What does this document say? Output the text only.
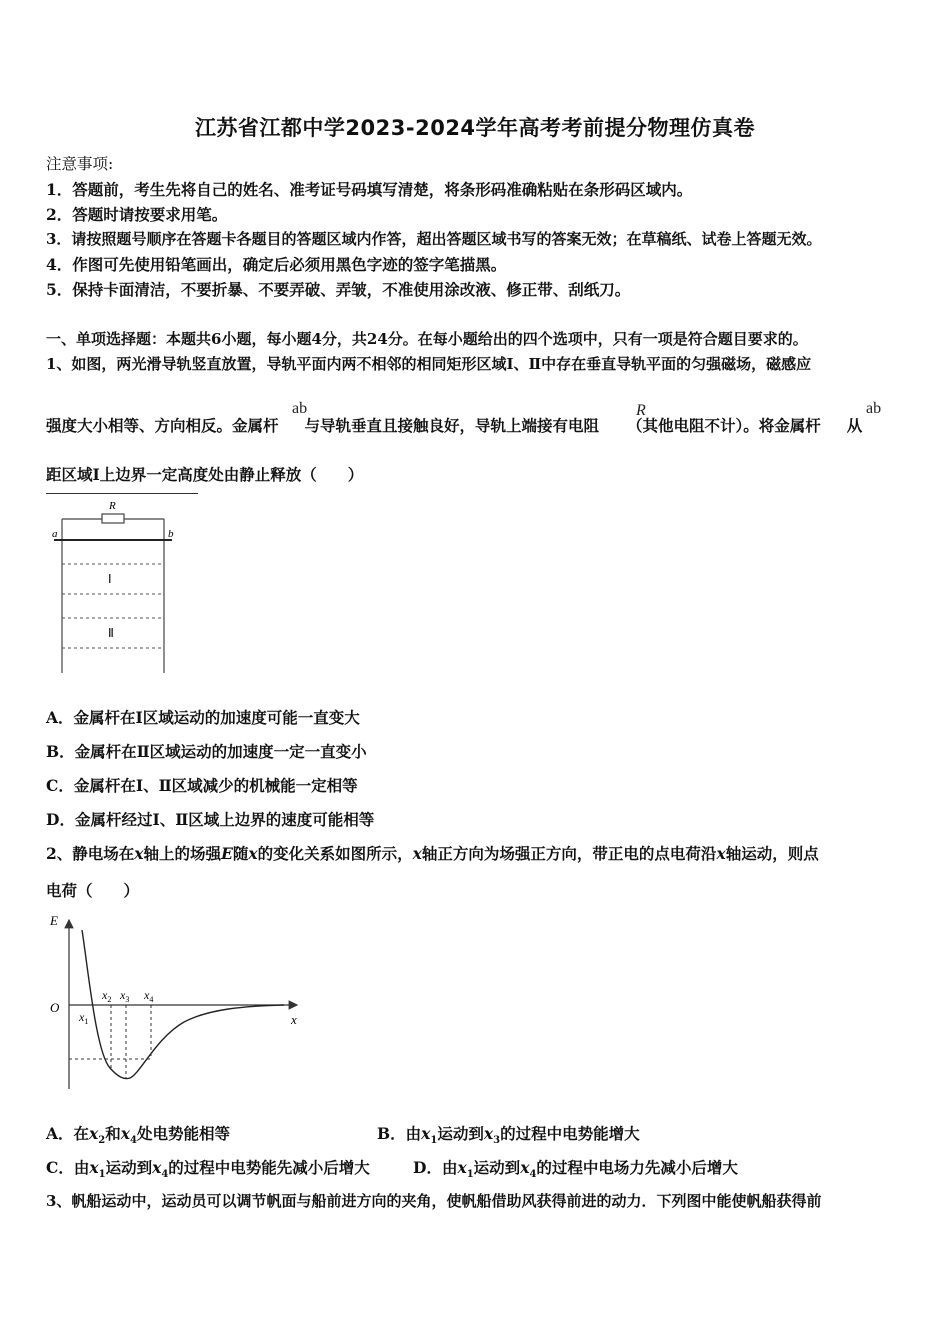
江苏省江都中学2023-2024学年高考考前提分物理仿真卷
注意事项:
1．答题前，考生先将自己的姓名、准考证号码填写清楚，将条形码准确粘贴在条形码区域内。
2．答题时请按要求用笔。
3．请按照题号顺序在答题卡各题目的答题区域内作答，超出答题区域书写的答案无效；在草稿纸、试卷上答题无效。
4．作图可先使用铅笔画出，确定后必须用黑色字迹的签字笔描黑。
5．保持卡面清洁，不要折暴、不要弄破、弄皱，不准使用涂改液、修正带、刮纸刀。
一、单项选择题：本题共6小题，每小题4分，共24分。在每小题给出的四个选项中，只有一项是符合题目要求的。
1、如图，两光滑导轨竖直放置，导轨平面内两不相邻的相同矩形区域Ⅰ、Ⅱ中存在垂直导轨平面的匀强磁场，磁感应
强度大小相等、方向相反。金属杆 与导轨垂直且接触良好，导轨上端接有电阻 （其他电阻不计）。将金属杆 从
ab	R	ab
距区域Ⅰ上边界一定高度处由静止释放（　　）
R
a	b
Ⅰ
Ⅱ
A．金属杆在Ⅰ区域运动的加速度可能一直变大
B．金属杆在Ⅱ区域运动的加速度一定一直变小
C．金属杆在Ⅰ、Ⅱ区域减少的机械能一定相等
D．金属杆经过Ⅰ、Ⅱ区域上边界的速度可能相等
2、静电场在x轴上的场强E随x的变化关系如图所示，x轴正方向为场强正方向，带正电的点电荷沿x轴运动，则点
电荷（　　）
E
O
x
$x_1$
$x_2$ $x_3$ $x_4$
A．在$x_2$和$x_4$处电势能相等	B．由$x_1$运动到$x_3$的过程中电势能增大
C．由$x_1$运动到$x_4$的过程中电势能先减小后增大	D．由$x_1$运动到$x_4$的过程中电场力先减小后增大
3、帆船运动中，运动员可以调节帆面与船前进方向的夹角，使帆船借助风获得前进的动力．下列图中能使帆船获得前
